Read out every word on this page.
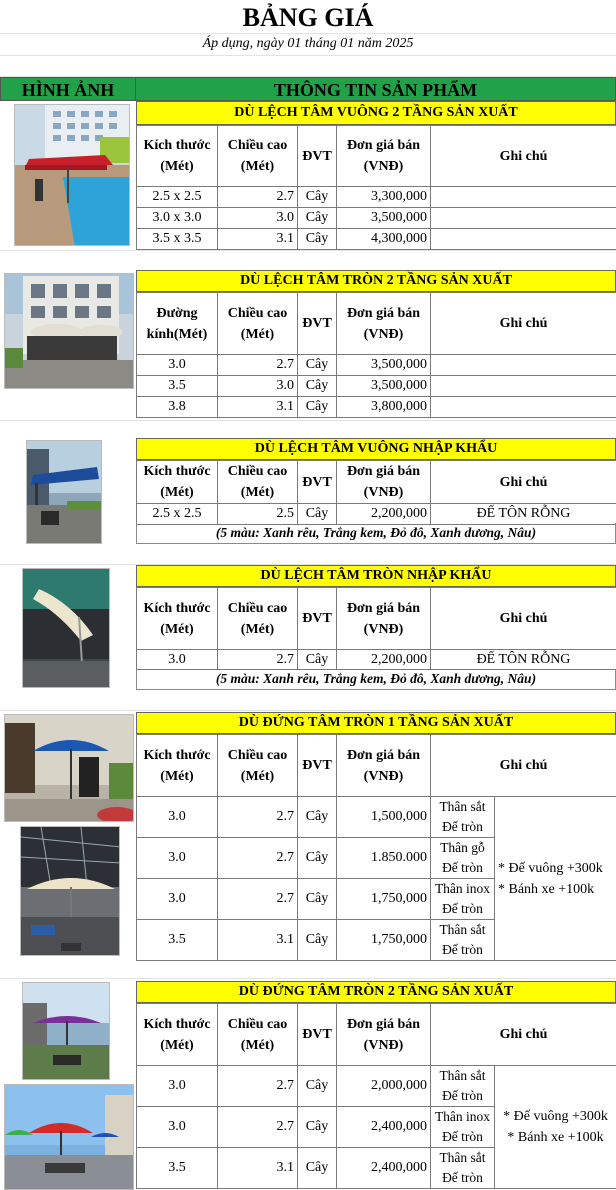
BẢNG GIÁ
Áp dụng, ngày 01 tháng 01 năm 2025
HÌNH ẢNH	THÔNG TIN SẢN PHẨM
DÙ LỆCH TÂM VUÔNG 2 TẦNG SẢN XUẤT
Kích thước (Mét)	Chiều cao (Mét)	ĐVT	Đơn giá bán (VNĐ)	Ghi chú
2.5 x 2.5	2.7	Cây	3,300,000	
3.0 x 3.0	3.0	Cây	3,500,000	
3.5 x 3.5	3.1	Cây	4,300,000	
DÙ LỆCH TÂM TRÒN 2 TẦNG SẢN XUẤT
Đường kính(Mét)	Chiều cao (Mét)	ĐVT	Đơn giá bán (VNĐ)	Ghi chú
3.0	2.7	Cây	3,500,000	
3.5	3.0	Cây	3,500,000	
3.8	3.1	Cây	3,800,000	
DÙ LỆCH TÂM VUÔNG NHẬP KHẨU
Kích thước (Mét)	Chiều cao (Mét)	ĐVT	Đơn giá bán (VNĐ)	Ghi chú
2.5 x 2.5	2.5	Cây	2,200,000	ĐẾ TÔN RỖNG
(5 màu: Xanh rêu, Trắng kem, Đỏ đô, Xanh dương, Nâu)
DÙ LỆCH TÂM TRÒN NHẬP KHẨU
Kích thước (Mét)	Chiều cao (Mét)	ĐVT	Đơn giá bán (VNĐ)	Ghi chú
3.0	2.7	Cây	2,200,000	ĐẾ TÔN RỖNG
(5 màu: Xanh rêu, Trắng kem, Đỏ đô, Xanh dương, Nâu)
DÙ ĐỨNG TÂM TRÒN 1 TẦNG SẢN XUẤT
Kích thước (Mét)	Chiều cao (Mét)	ĐVT	Đơn giá bán (VNĐ)	Ghi chú	
3.0	2.7	Cây	1,500,000	Thân sắt
Đế tròn	* Đế vuông +300k
* Bánh xe +100k
3.0	2.7	Cây	1.850.000	Thân gỗ
Đế tròn	
3.0	2.7	Cây	1,750,000	Thân inox
Đế tròn	
3.5	3.1	Cây	1,750,000	Thân sắt
Đế tròn	
DÙ ĐỨNG TÂM TRÒN 2 TẦNG SẢN XUẤT
Kích thước (Mét)	Chiều cao (Mét)	ĐVT	Đơn giá bán (VNĐ)	Ghi chú	
3.0	2.7	Cây	2,000,000	Thân sắt
Đế tròn	* Đế vuông +300k
* Bánh xe +100k
3.0	2.7	Cây	2,400,000	Thân inox
Đế tròn	
3.5	3.1	Cây	2,400,000	Thân sắt
Đế tròn	
